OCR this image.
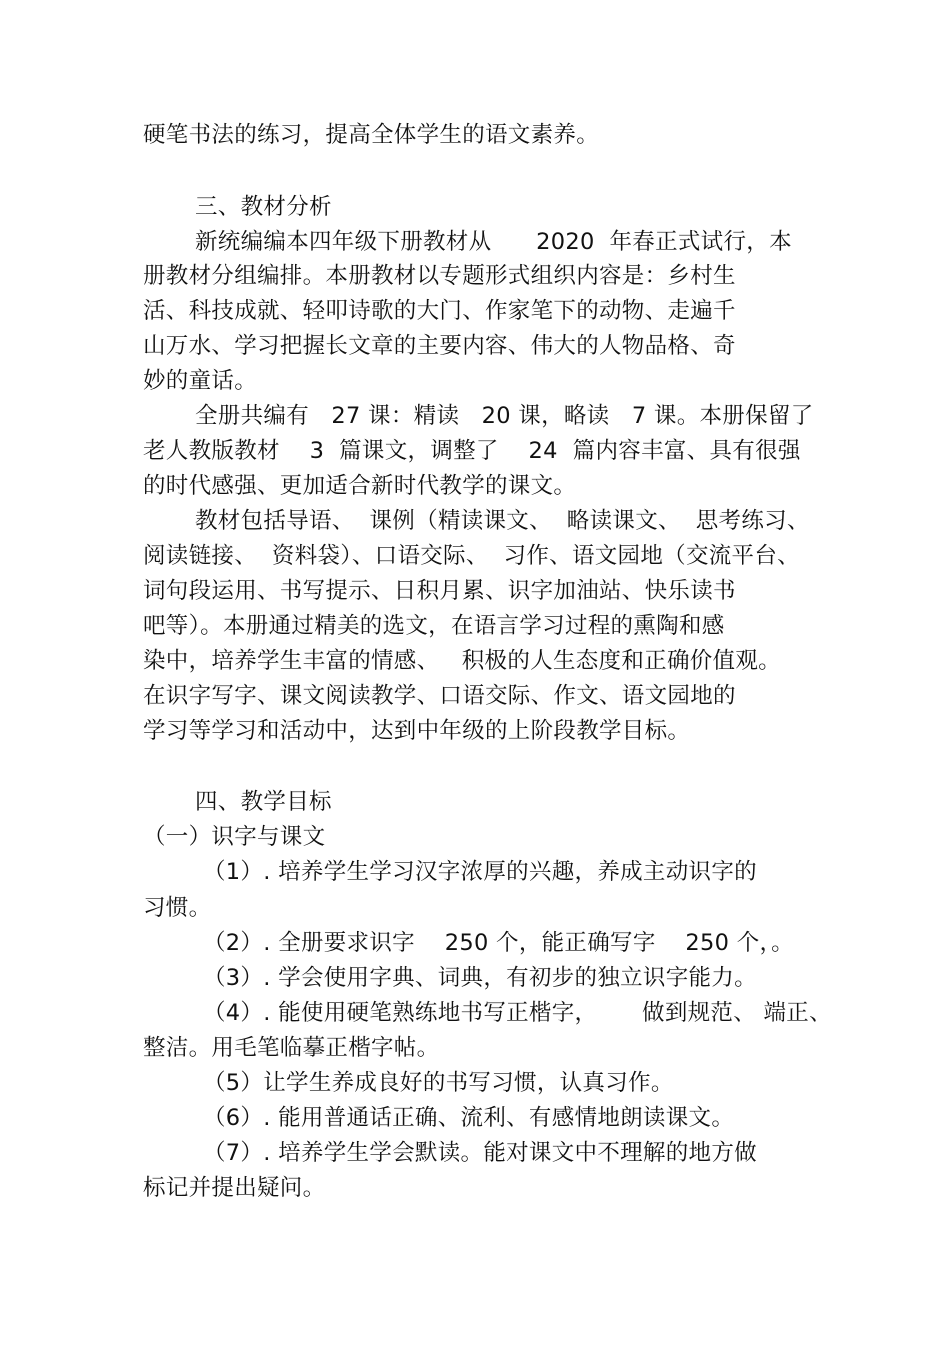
硬笔书法的练习，提高全体学生的语文素养。
三、教材分析
新统编编本四年级下册教材从      2020  年春正式试行，本
册教材分组编排。本册教材以专题形式组织内容是：乡村生
活、科技成就、轻叩诗歌的大门、作家笔下的动物、走遍千
山万水、学习把握长文章的主要内容、伟大的人物品格、奇
妙的童话。
全册共编有   27 课：精读   20 课，略读   7 课。本册保留了
老人教版教材    3  篇课文，调整了    24  篇内容丰富、具有很强
的时代感强、更加适合新时代教学的课文。
教材包括导语、  课例（精读课文、  略读课文、  思考练习、
阅读链接、  资料袋）、口语交际、  习作、语文园地（交流平台、
词句段运用、书写提示、日积月累、识字加油站、快乐读书
吧等）。本册通过精美的选文，在语言学习过程的熏陶和感
染中，培养学生丰富的情感、   积极的人生态度和正确价值观。
在识字写字、课文阅读教学、口语交际、作文、语文园地的
学习等学习和活动中，达到中年级的上阶段教学目标。
四、教学目标
（一）识字与课文
（1）. 培养学生学习汉字浓厚的兴趣，养成主动识字的
习惯。
（2）. 全册要求识字    250 个，能正确写字    250 个，。
（3）. 学会使用字典、词典，有初步的独立识字能力。
（4）. 能使用硬笔熟练地书写正楷字，      做到规范、 端正、
整洁。用毛笔临摹正楷字帖。
（5）让学生养成良好的书写习惯，认真习作。
（6）. 能用普通话正确、流利、有感情地朗读课文。
（7）. 培养学生学会默读。能对课文中不理解的地方做
标记并提出疑问。
